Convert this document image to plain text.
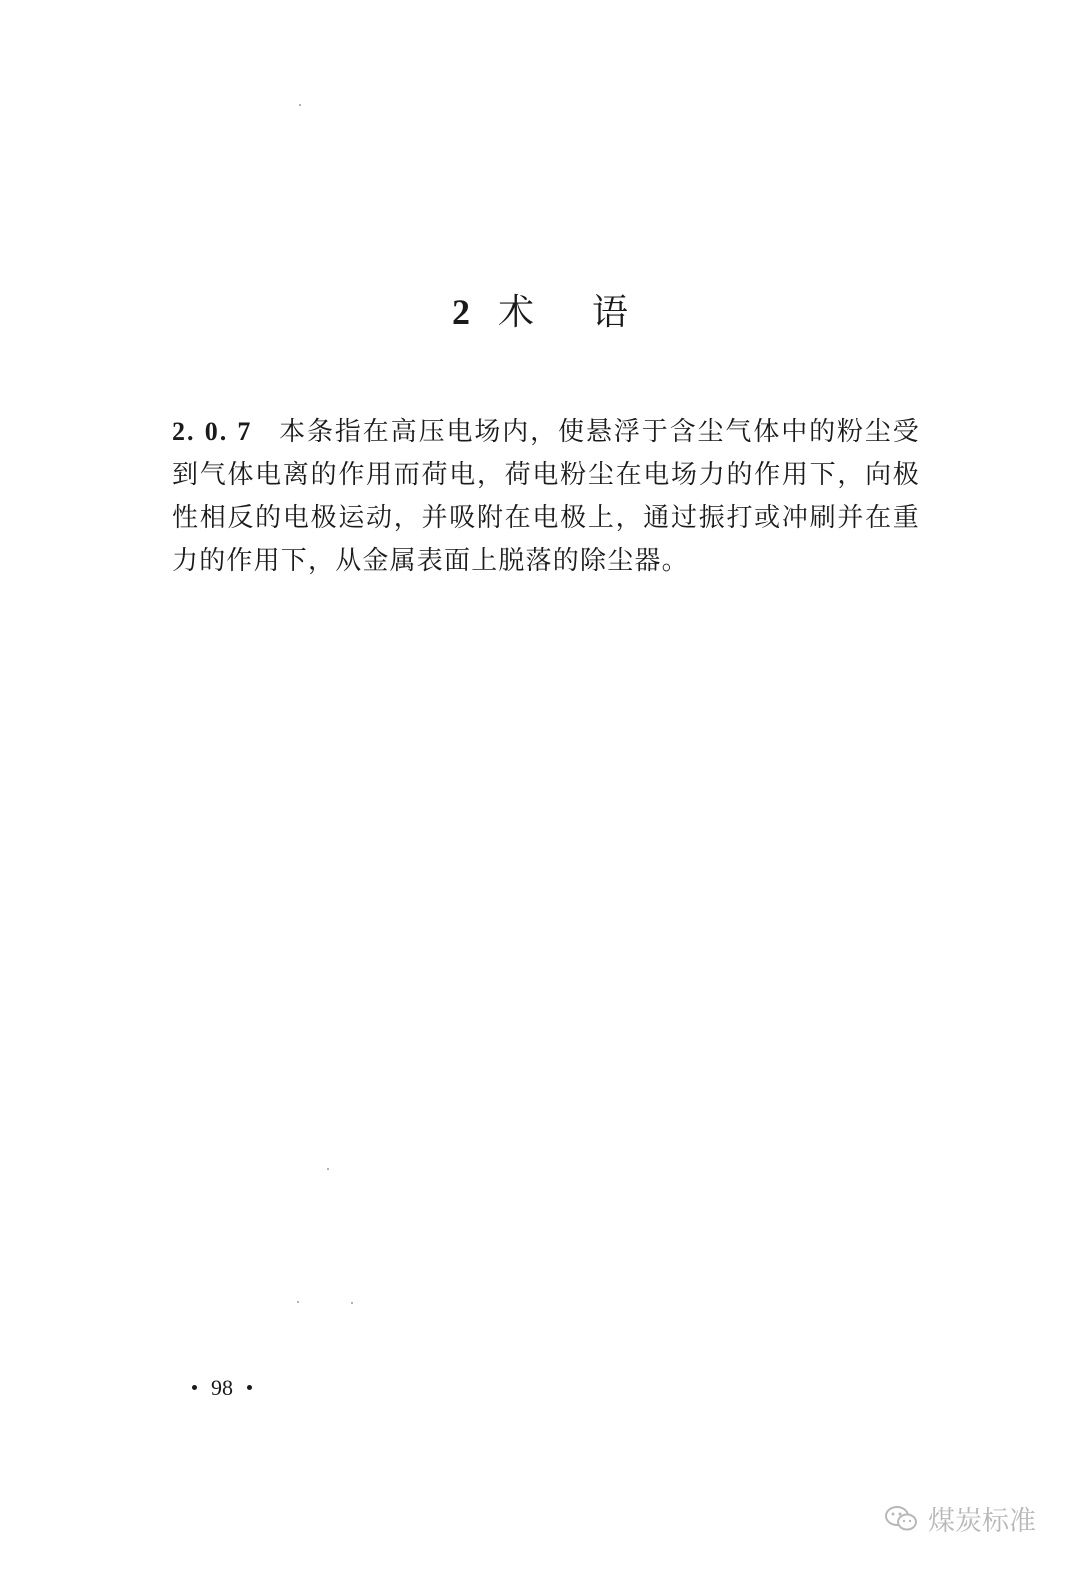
2 术语
2. 0. 7 本条指在高压电场内，使悬浮于含尘气体中的粉尘受到气体电离的作用而荷电，荷电粉尘在电场力的作用下，向极性相反的电极运动，并吸附在电极上，通过振打或冲刷并在重力的作用下，从金属表面上脱落的除尘器。
98
煤炭标准
